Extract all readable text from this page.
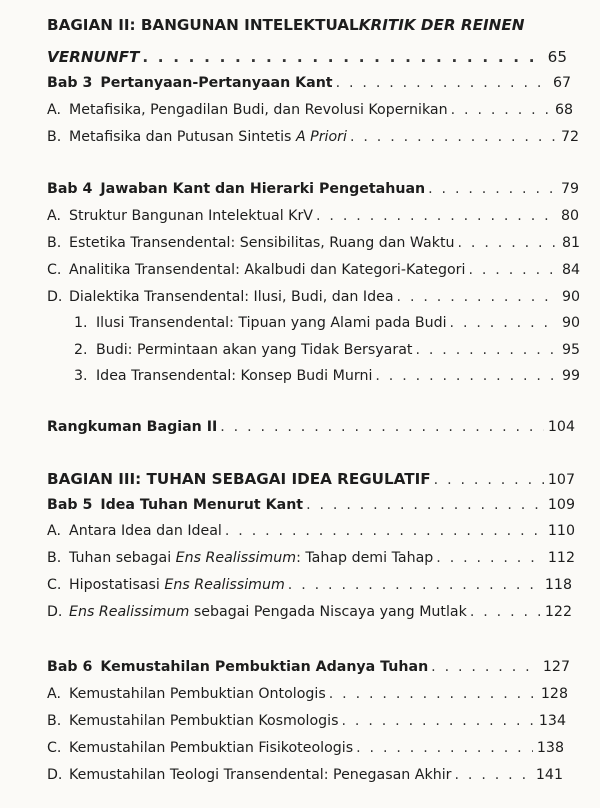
BAGIAN II: BANGUNAN INTELEKTUAL KRITIK DER REINEN
VERNUNFT . . .	65
Bab 3 Pertanyaan-Pertanyaan Kant . . .	67
A. Metafisika, Pengadilan Budi, dan Revolusi Kopernikan . . .	68
B. Metafisika dan Putusan Sintetis A Priori . . .	72
Bab 4 Jawaban Kant dan Hierarki Pengetahuan . . .	79
A. Struktur Bangunan Intelektual KrV . . .	80
B. Estetika Transendental: Sensibilitas, Ruang dan Waktu . . .	81
C. Analitika Transendental: Akalbudi dan Kategori-Kategori . . .	84
D. Dialektika Transendental: Ilusi, Budi, dan Idea . . .	90
1. Ilusi Transendental: Tipuan yang Alami pada Budi . . .	90
2. Budi: Permintaan akan yang Tidak Bersyarat . . .	95
3. Idea Transendental: Konsep Budi Murni . . .	99
Rangkuman Bagian II . . .	104
BAGIAN III: TUHAN SEBAGAI IDEA REGULATIF . . .	107
Bab 5 Idea Tuhan Menurut Kant . . .	109
A. Antara Idea dan Ideal . . .	110
B. Tuhan sebagai Ens Realissimum: Tahap demi Tahap . . .	112
C. Hipostatisasi Ens Realissimum . . .	118
D. Ens Realissimum sebagai Pengada Niscaya yang Mutlak . . .	122
Bab 6 Kemustahilan Pembuktian Adanya Tuhan . . .	127
A. Kemustahilan Pembuktian Ontologis . . .	128
B. Kemustahilan Pembuktian Kosmologis . . .	134
C. Kemustahilan Pembuktian Fisikoteologis . . .	138
D. Kemustahilan Teologi Transendental: Penegasan Akhir . . .	141
